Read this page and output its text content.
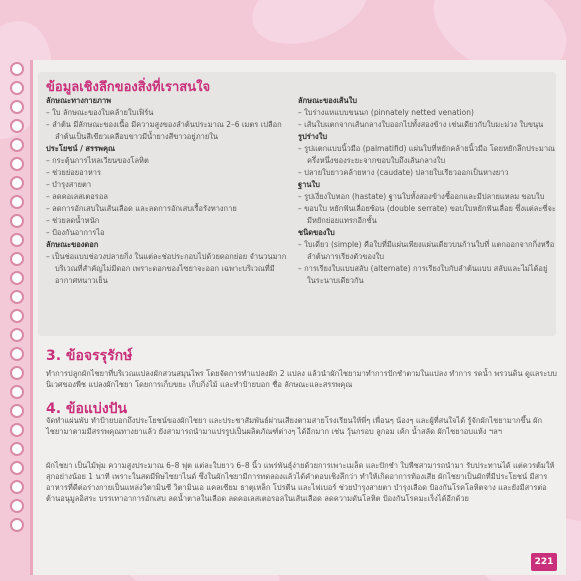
ข้อมูลเชิงลึกของสิ่งที่เราสนใจ
ลักษณะทางกายภาพ
– ใบ ลักษณะของใบคล้ายใบเฟิร์น
– ลำต้น มีลักษณะของเนื้อ มีความสูงของลำต้นประมาณ 2–6 เมตร เปลือกลำต้นเป็นสีเขียวเคลือบขาวมีน้ำยางสีขาวอยู่ภายใน
ประโยชน์ / สรรพคุณ
– กระตุ้นการไหลเวียนของโลหิต
– ช่วยย่อยอาหาร
– บำรุงสายตา
– ลดคอเลสเตอรอล
– ลดการอักเสบในเส้นเลือด และลดการอักเสบเรื้อรังทางกาย
– ช่วยลดน้ำหนัก
– ป้องกันอาการไอ
ลักษณะของดอก
– เป็นช่อแบบช่อวงปลายกิ่ง ในแต่ละช่อประกอบไปด้วยดอกย่อย จำนวนมากบริเวณที่สำคัญไม่มีดอก เพราะดอกของไซยาจะออก เฉพาะบริเวณที่มีอากาศหนาวเย็น
ลักษณะของเส้นใบ
– ใบร่างแหแบบขนนก (pinnately netted venation)
– เส้นใบแตกจากเส้นกลางใบออกไปทั้งสองข้าง เช่นเดียวกับใบมะม่วง ใบขนุน
รูปร่างใบ
– รูปแตกแบบนิ้วมือ (palmatifid) แผ่นใบที่หยักคล้ายนิ้วมือ โดยหยักลึกประมาณครึ่งหนึ่งของระยะจากขอบใบถึงเส้นกลางใบ
– ปลายใบยาวคล้ายหาง (caudate) ปลายใบเรียวออกเป็นหางยาว
ฐานใบ
– รูปเงี่ยงใบหอก (hastate) ฐานใบทั้งสองข้างชี้ออกและมีปลายแหลม ขอบใบ
– ขอบใบ หยักฟันเลื่อยซ้อน (double serrate) ขอบใบหยักฟันเลื่อย ซึ่งแต่ละซี่จะมีหยักย่อยแทรกอีกชั้น
ชนิดของใบ
– ใบเดี่ยว (simple) คือใบที่มีแผ่นเพียงแผ่นเดียวบนก้านใบที่ แตกออกจากกิ่งหรือลำต้นการเรียงตัวของใบ
– การเรียงใบแบบสลับ (alternate) การเรียงใบกับลำต้นแบบ สลับและไม่ได้อยู่ในระนาบเดียวกัน
3. ข้อจรรุรักษ์
ทำการปลูกผักไชยาที่บริเวณแปลงผักสวนสมุนไพร โดยจัดการทำแปลงผัก 2 แปลง แล้วนำผักไชยามาทำการปักชำตามในแปลง ทำการ รดน้ำ พรวนดิน ดูแลระบบนิเวศของพืช แปลงผักไชยา โดยการเก็บขยะ เก็บกิ่งไม้ และทำป้ายบอก ชื่อ ลักษณะและสรรพคุณ
4. ข้อแบ่งปัน
จัดทำแผ่นพับ ทำป้ายบอกถึงประโยชน์ของผักไชยา และประชาสัมพันธ์ผ่านเสียงตามสายโรงเรียนให้พี่ๆ เพื่อนๆ น้องๆ และผู้ที่สนใจได้ รู้จักผักไชยามากขึ้น ผักไชยามาตามมีสรรพคุณทางยาแล้ว ยังสามารถนำมาแปรรูปเป็นผลิตภัณฑ์ต่างๆ ได้อีกมาก เช่น วุ้นกรอบ ลูกอม เค้ก น้ำสลัด ผักไชยาอบแห้ง ฯลฯ
ผักไชยา เป็นไม้พุ่ม ความสูงประมาณ 6–8 ฟุต แต่ละใบยาว 6–8 นิ้ว แพร่พันธุ์ง่ายด้วยการเพาะเมล็ด และปักชำ ใบพืชสามารถนำมา รับประทานได้ แต่ควรต้มให้สุกอย่างน้อย 1 นาที เพราะในสดมีพิษไซยาไนด์ ซึ่งในผักไชยามีการทดลองแล้วได้คำตอบเชิงลึกว่า ทำให้เกิดอาการท้องเสีย ผักไชยาเป็นผักที่มีประโยชน์ มีสารอาหารที่ดีต่อร่างกายเป็นแหล่งวิตามินซี วิตามินเอ แคลเซียม ธาตุเหล็ก โปรตีน และไฟเบอร์ ช่วยบำรุงสายตา บำรุงเลือด ป้องกันโรคโลหิตจาง และยังมีสารต่อต้านอนุมูลอิสระ บรรเทาอาการอักเสบ ลดน้ำตาลในเลือด ลดคอเลสเตอรอลในเส้นเลือด ลดความดันโลหิต ป้องกันโรคมะเร็งได้อีกด้วย
221
